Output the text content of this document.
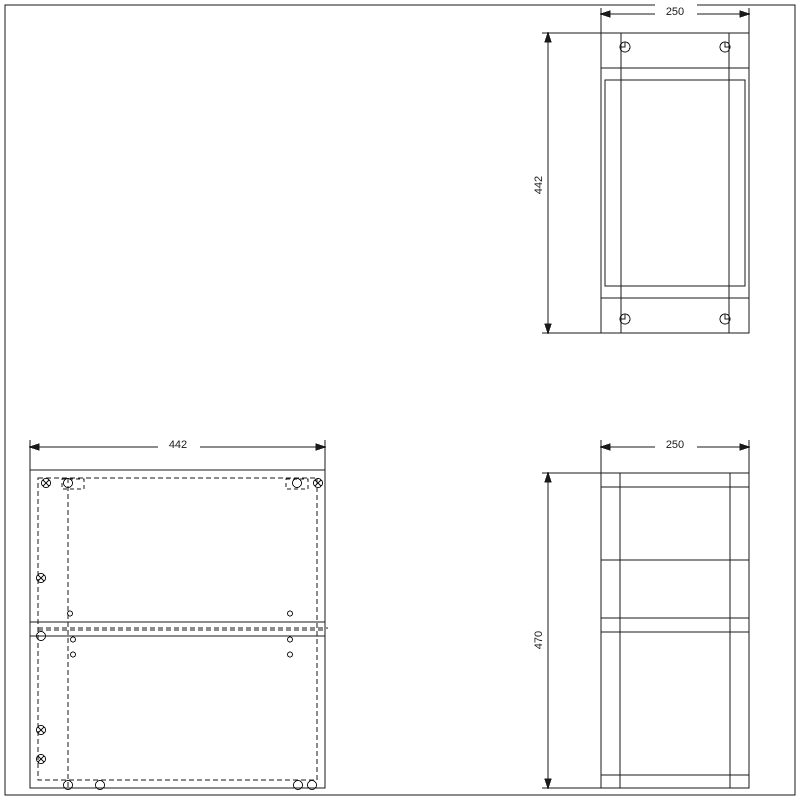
250
442
442	250
470
